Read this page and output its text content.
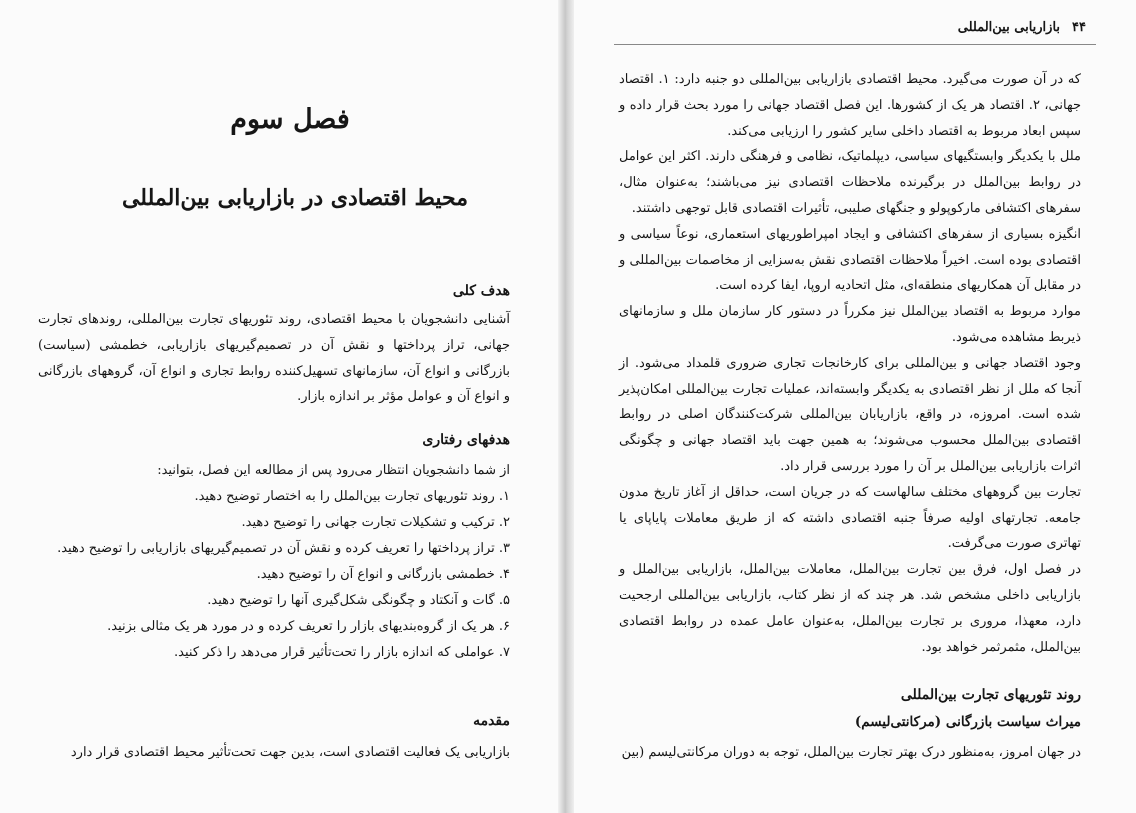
فصل سوم
محیط اقتصادی در بازاریابی بین‌المللی
هدف کلی

آشنایی دانشجویان با محیط اقتصادی، روند تئوریهای تجارت بین‌المللی، روندهای تجارت جهانی، تراز پرداختها و نقش آن در تصمیم‌گیریهای بازاریابی، خطمشی (سیاست) بازرگانی و انواع آن، سازمانهای تسهیل‌کننده روابط تجاری و انواع آن، گروههای بازرگانی و انواع آن و عوامل مؤثر بر اندازه بازار.

هدفهای رفتاری

از شما دانشجویان انتظار می‌رود پس از مطالعه این فصل، بتوانید:

۱. روند تئوریهای تجارت بین‌الملل را به اختصار توضیح دهید.
۲. ترکیب و تشکیلات تجارت جهانی را توضیح دهید.
۳. تراز پرداختها را تعریف کرده و نقش آن در تصمیم‌گیریهای بازاریابی را توضیح دهید.
۴. خطمشی بازرگانی و انواع آن را توضیح دهید.
۵. گات و آنکتاد و چگونگی شکل‌گیری آنها را توضیح دهید.
۶. هر یک از گروه‌بندیهای بازار را تعریف کرده و در مورد هر یک مثالی بزنید.
۷. عواملی که اندازه بازار را تحت‌تأثیر قرار می‌دهد را ذکر کنید.
مقدمه

بازاریابی یک فعالیت اقتصادی است، بدین جهت تحت‌تأثیر محیط اقتصادی قرار دارد

۴۴بازاریابی بین‌المللی

که در آن صورت می‌گیرد. محیط اقتصادی بازاریابی بین‌المللی دو جنبه دارد: ۱. اقتصاد جهانی، ۲. اقتصاد هر یک از کشورها. این فصل اقتصاد جهانی را مورد بحث قرار داده و سپس ابعاد مربوط به اقتصاد داخلی سایر کشور را ارزیابی می‌کند.

ملل با یکدیگر وابستگیهای سیاسی، دیپلماتیک، نظامی و فرهنگی دارند. اکثر این عوامل در روابط بین‌الملل در برگیرنده ملاحظات اقتصادی نیز می‌باشند؛ به‌عنوان مثال، سفرهای اکتشافی مارکوپولو و جنگهای صلیبی، تأثیرات اقتصادی قابل توجهی داشتند.

انگیزه بسیاری از سفرهای اکتشافی و ایجاد امپراطوریهای استعماری، نوعاً سیاسی و اقتصادی بوده است. اخیراً ملاحظات اقتصادی نقش به‌سزایی از مخاصمات بین‌المللی و در مقابل آن همکاریهای منطقه‌ای، مثل اتحادیه اروپا، ایفا کرده است.

موارد مربوط به اقتصاد بین‌الملل نیز مکرراً در دستور کار سازمان ملل و سازمانهای ذیربط مشاهده می‌شود.

وجود اقتصاد جهانی و بین‌المللی برای کارخانجات تجاری ضروری قلمداد می‌شود. از آنجا که ملل از نظر اقتصادی به یکدیگر وابسته‌اند، عملیات تجارت بین‌المللی امکان‌پذیر شده است. امروزه، در واقع، بازاریابان بین‌المللی شرکت‌کنندگان اصلی در روابط اقتصادی بین‌الملل محسوب می‌شوند؛ به همین جهت باید اقتصاد جهانی و چگونگی اثرات بازاریابی بین‌الملل بر آن را مورد بررسی قرار داد.

تجارت بین گروههای مختلف سالهاست که در جریان است، حداقل از آغاز تاریخ مدون جامعه. تجارتهای اولیه صرفاً جنبه اقتصادی داشته که از طریق معاملات پایاپای یا تهاتری صورت می‌گرفت.

در فصل اول، فرق بین تجارت بین‌الملل، معاملات بین‌الملل، بازاریابی بین‌الملل و بازاریابی داخلی مشخص شد. هر چند که از نظر کتاب، بازاریابی بین‌المللی ارجحیت دارد، معهذا، مروری بر تجارت بین‌الملل، به‌عنوان عامل عمده در روابط اقتصادی بین‌الملل، مثمرثمر خواهد بود.

روند تئوریهای تجارت بین‌المللی
میراث سیاست بازرگانی (مرکانتی‌لیسم)

در جهان امروز، به‌منظور درک بهتر تجارت بین‌الملل، توجه به دوران مرکانتی‌لیسم (بین
